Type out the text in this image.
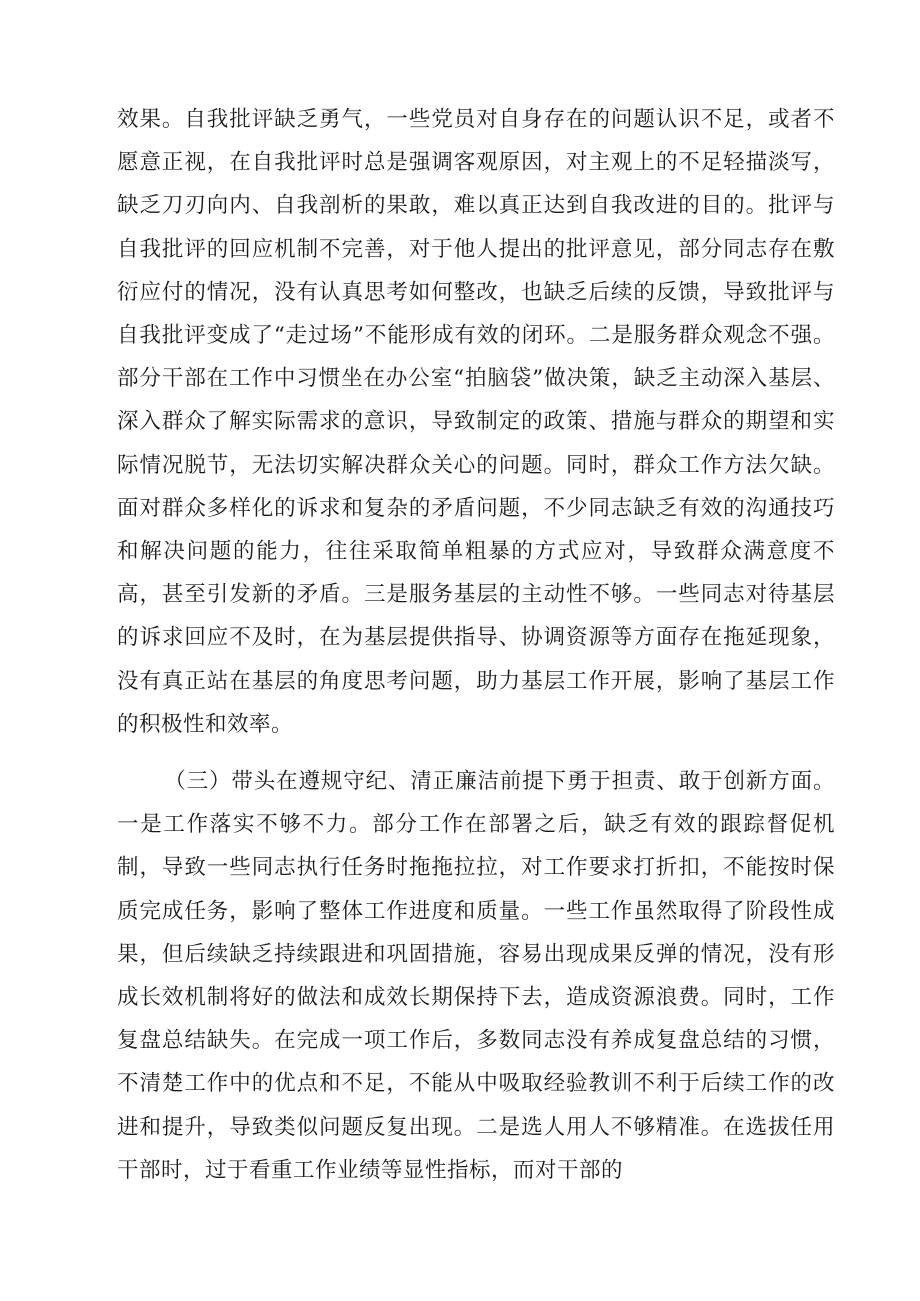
效果。自我批评缺乏勇气，一些党员对自身存在的问题认识不足，或者不愿意正视，在自我批评时总是强调客观原因，对主观上的不足轻描淡写，缺乏刀刃向内、自我剖析的果敢，难以真正达到自我改进的目的。批评与自我批评的回应机制不完善，对于他人提出的批评意见，部分同志存在敷衍应付的情况，没有认真思考如何整改，也缺乏后续的反馈，导致批评与自我批评变成了“走过场”不能形成有效的闭环。二是服务群众观念不强。部分干部在工作中习惯坐在办公室“拍脑袋”做决策，缺乏主动深入基层、深入群众了解实际需求的意识，导致制定的政策、措施与群众的期望和实际情况脱节，无法切实解决群众关心的问题。同时，群众工作方法欠缺。面对群众多样化的诉求和复杂的矛盾问题，不少同志缺乏有效的沟通技巧和解决问题的能力，往往采取简单粗暴的方式应对，导致群众满意度不高，甚至引发新的矛盾。三是服务基层的主动性不够。一些同志对待基层的诉求回应不及时，在为基层提供指导、协调资源等方面存在拖延现象，没有真正站在基层的角度思考问题，助力基层工作开展，影响了基层工作的积极性和效率。

（三）带头在遵规守纪、清正廉洁前提下勇于担责、敢于创新方面。一是工作落实不够不力。部分工作在部署之后，缺乏有效的跟踪督促机制，导致一些同志执行任务时拖拖拉拉，对工作要求打折扣，不能按时保质完成任务，影响了整体工作进度和质量。一些工作虽然取得了阶段性成果，但后续缺乏持续跟进和巩固措施，容易出现成果反弹的情况，没有形成长效机制将好的做法和成效长期保持下去，造成资源浪费。同时，工作复盘总结缺失。在完成一项工作后，多数同志没有养成复盘总结的习惯，不清楚工作中的优点和不足，不能从中吸取经验教训不利于后续工作的改进和提升，导致类似问题反复出现。二是选人用人不够精准。在选拔任用干部时，过于看重工作业绩等显性指标，而对干部的
